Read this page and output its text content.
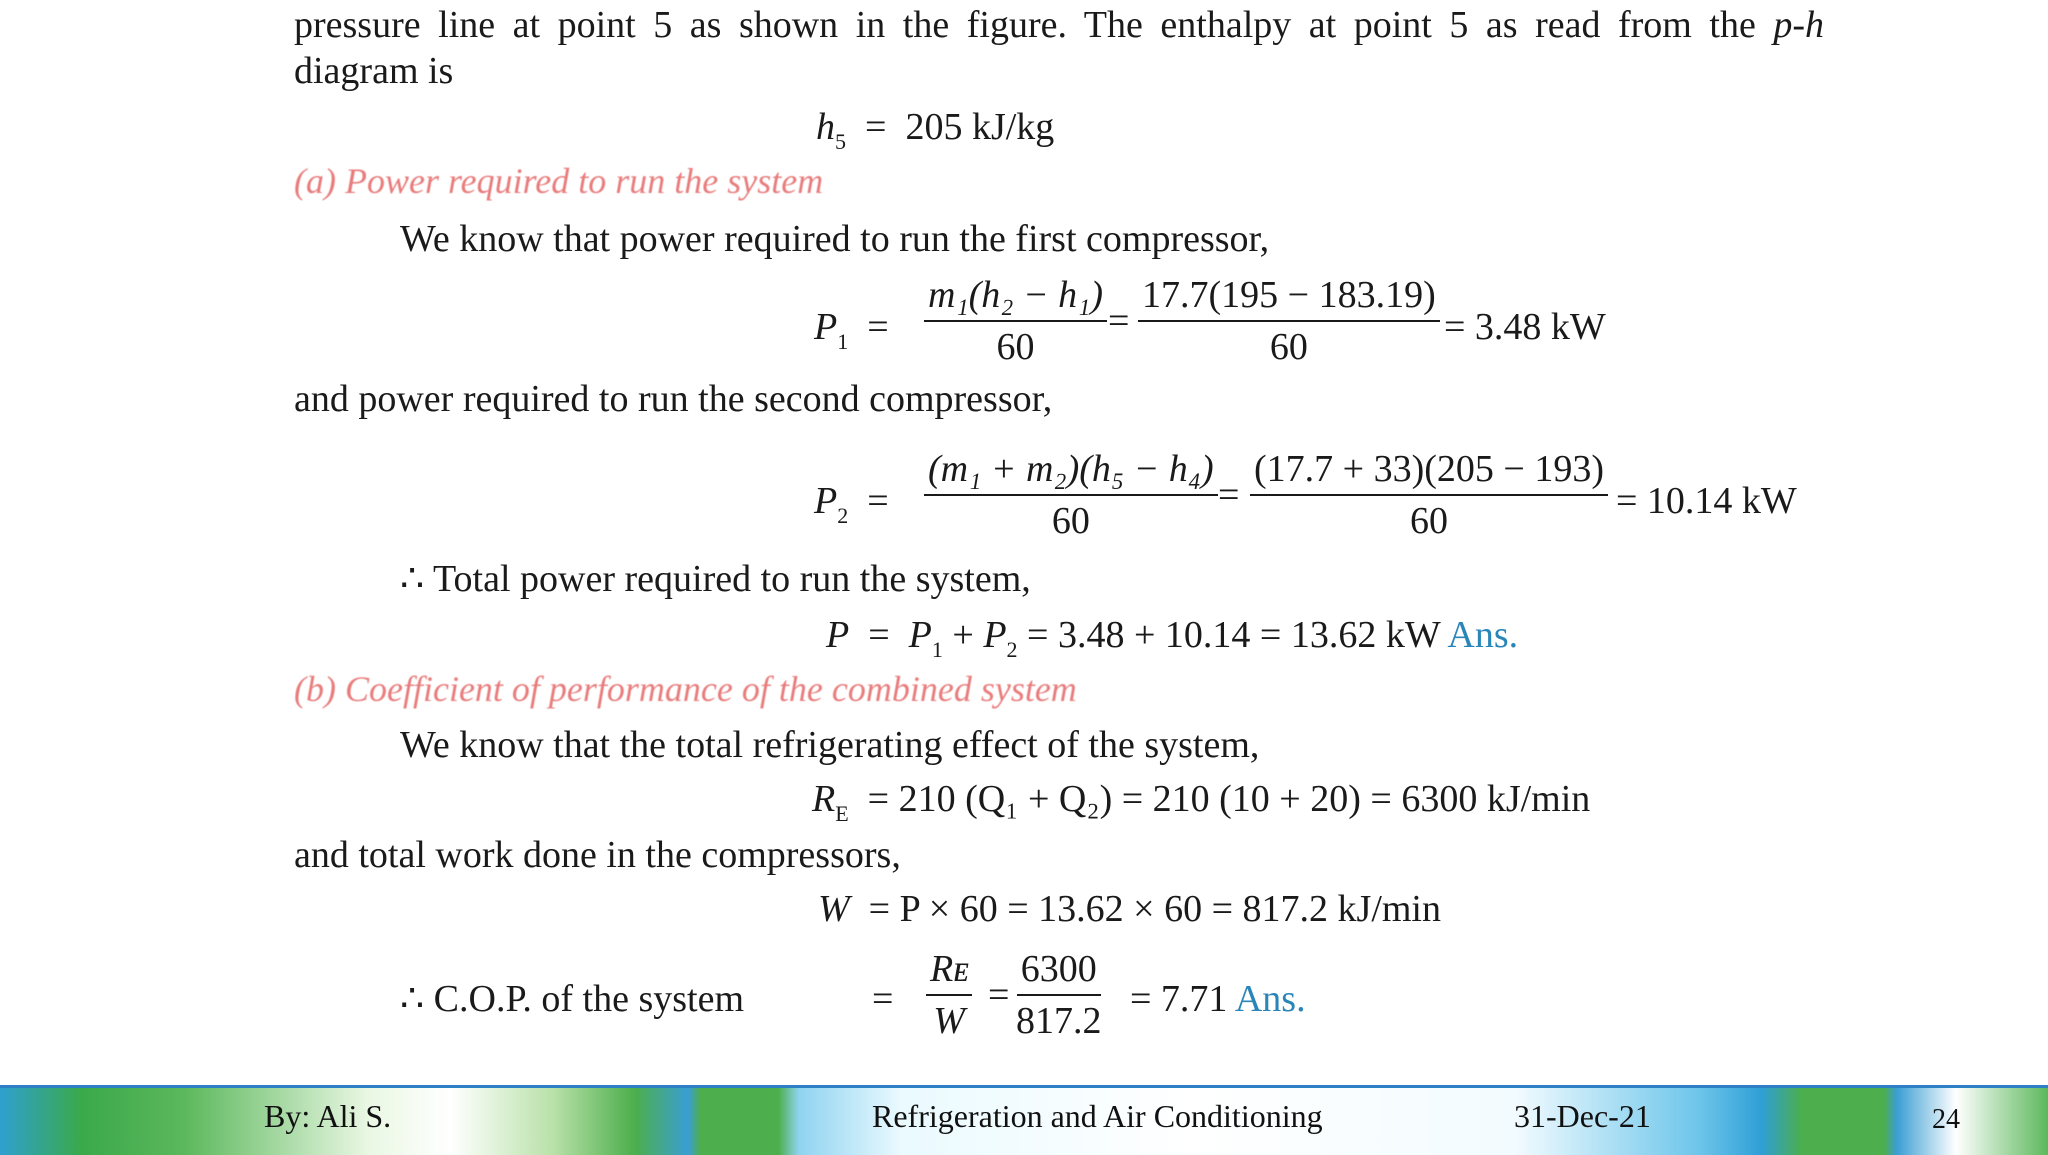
pressure line at point 5 as shown in the figure. The enthalpy at point 5 as read from the p-h
diagram is
$h_5 = 205$ kJ/kg
(a) Power required to run the system
We know that power required to run the first compressor,
$P_1 = \frac{\text{m₁(h₂ − h₁)}}{60} = \frac{17.7(195 - 183.19)}{60} = 3.48$ kW
and power required to run the second compressor,
$P_2 = \frac{\text{(m₁ + m₂)(h₅ − h₄)}}{60} = \frac{(17.7 + 33)(205 - 193)}{60} = 10.14$ kW
∴ Total power required to run the system,
$P = P_1 + P_2 = 3.48 + 10.14 = 13.62$ kW Ans.
(b) Coefficient of performance of the combined system
We know that the total refrigerating effect of the system,
$R_E = 210$ (Q₁ + Q₂) = 210 (10 + 20) = 6300 kJ/min
and total work done in the compressors,
W = P × 60 = 13.62 × 60 = 817.2 kJ/min
∴ C.O.P. of the system	= $\frac{\text{Rᴇ}}{W} = \frac{6300}{817.2} = 7.71$ Ans.
By: Ali S.	Refrigeration and Air Conditioning	31-Dec-21	24
